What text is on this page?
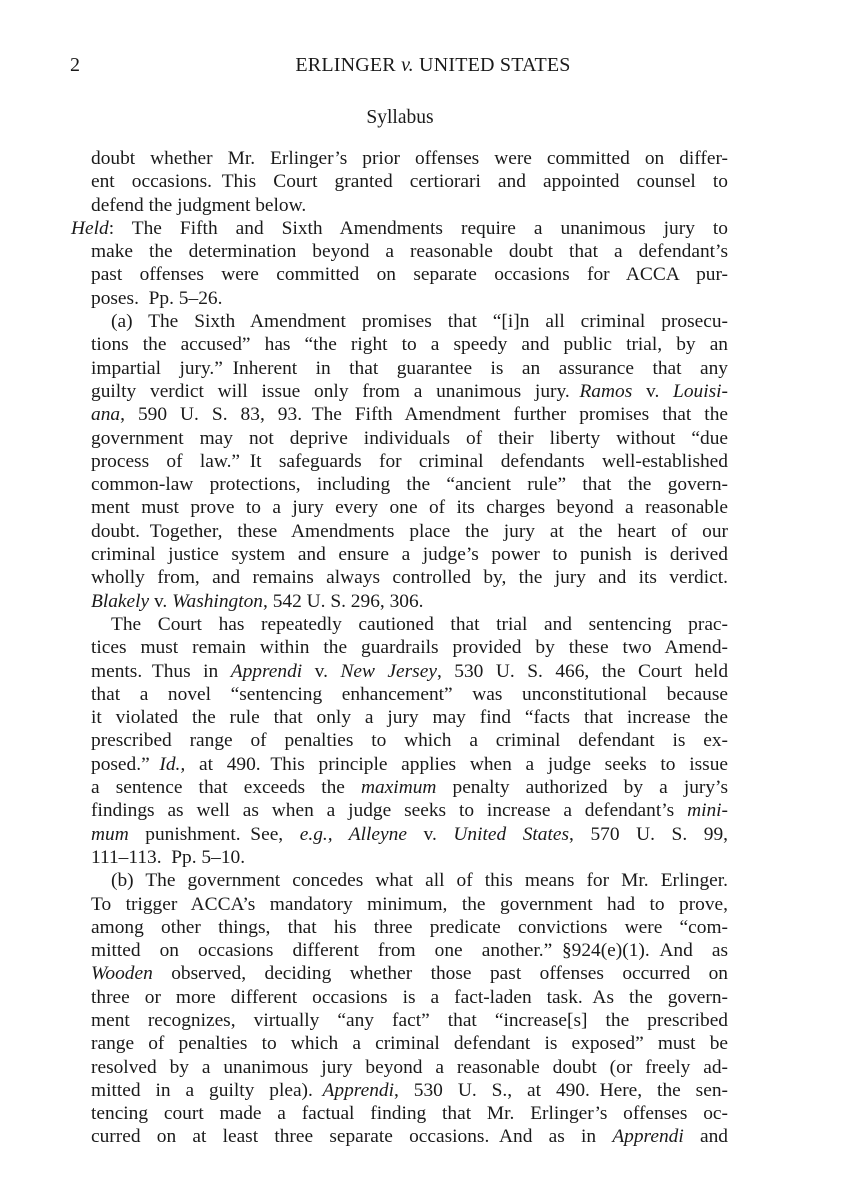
2	ERLINGER v. UNITED STATES
Syllabus
doubt whether Mr. Erlinger’s prior offenses were committed on differ-
ent occasions. This Court granted certiorari and appointed counsel to
defend the judgment below.
Held: The Fifth and Sixth Amendments require a unanimous jury to
make the determination beyond a reasonable doubt that a defendant’s
past offenses were committed on separate occasions for ACCA pur-
poses. Pp. 5–26.
(a) The Sixth Amendment promises that “[i]n all criminal prosecu-
tions the accused” has “the right to a speedy and public trial, by an
impartial jury.” Inherent in that guarantee is an assurance that any
guilty verdict will issue only from a unanimous jury. Ramos v. Louisi-
ana, 590 U. S. 83, 93. The Fifth Amendment further promises that the
government may not deprive individuals of their liberty without “due
process of law.” It safeguards for criminal defendants well-established
common-law protections, including the “ancient rule” that the govern-
ment must prove to a jury every one of its charges beyond a reasonable
doubt. Together, these Amendments place the jury at the heart of our
criminal justice system and ensure a judge’s power to punish is derived
wholly from, and remains always controlled by, the jury and its verdict.
Blakely v. Washington, 542 U. S. 296, 306.
The Court has repeatedly cautioned that trial and sentencing prac-
tices must remain within the guardrails provided by these two Amend-
ments. Thus in Apprendi v. New Jersey, 530 U. S. 466, the Court held
that a novel “sentencing enhancement” was unconstitutional because
it violated the rule that only a jury may find “facts that increase the
prescribed range of penalties to which a criminal defendant is ex-
posed.” Id., at 490. This principle applies when a judge seeks to issue
a sentence that exceeds the maximum penalty authorized by a jury’s
findings as well as when a judge seeks to increase a defendant’s mini-
mum punishment. See, e.g., Alleyne v. United States, 570 U. S. 99,
111–113. Pp. 5–10.
(b) The government concedes what all of this means for Mr. Erlinger.
To trigger ACCA’s mandatory minimum, the government had to prove,
among other things, that his three predicate convictions were “com-
mitted on occasions different from one another.” §924(e)(1). And as
Wooden observed, deciding whether those past offenses occurred on
three or more different occasions is a fact-laden task. As the govern-
ment recognizes, virtually “any fact” that “increase[s] the prescribed
range of penalties to which a criminal defendant is exposed” must be
resolved by a unanimous jury beyond a reasonable doubt (or freely ad-
mitted in a guilty plea). Apprendi, 530 U. S., at 490. Here, the sen-
tencing court made a factual finding that Mr. Erlinger’s offenses oc-
curred on at least three separate occasions. And as in Apprendi and
